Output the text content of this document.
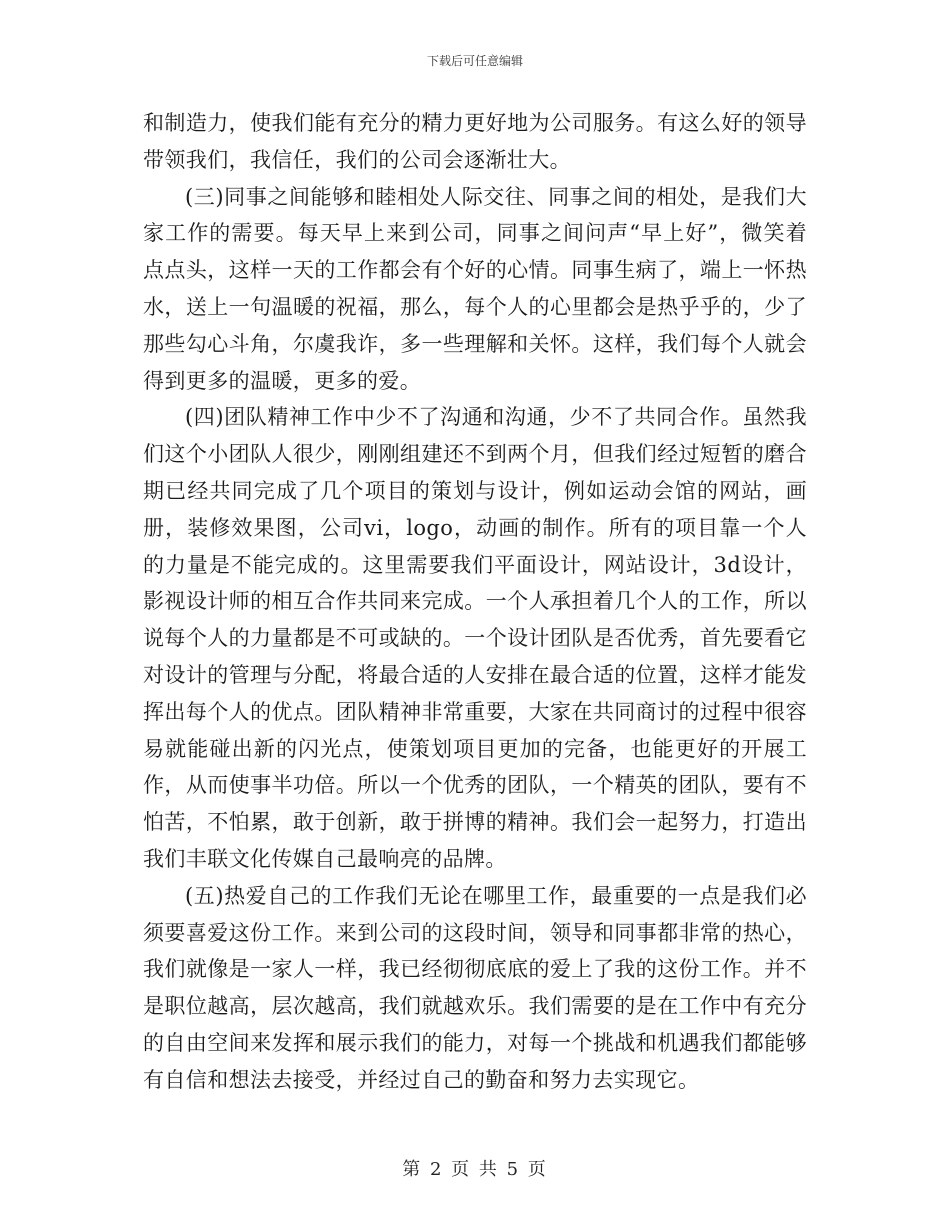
下载后可任意编辑

和制造力，使我们能有充分的精力更好地为公司服务。有这么好的领导带领我们，我信任，我们的公司会逐渐壮大。

(三)同事之间能够和睦相处人际交往、同事之间的相处，是我们大家工作的需要。每天早上来到公司，同事之间问声“早上好”，微笑着点点头，这样一天的工作都会有个好的心情。同事生病了，端上一怀热水，送上一句温暖的祝福，那么，每个人的心里都会是热乎乎的，少了那些勾心斗角，尔虞我诈，多一些理解和关怀。这样，我们每个人就会得到更多的温暖，更多的爱。

(四)团队精神工作中少不了沟通和沟通，少不了共同合作。虽然我们这个小团队人很少，刚刚组建还不到两个月，但我们经过短暂的磨合期已经共同完成了几个项目的策划与设计，例如运动会馆的网站，画册，装修效果图，公司vi，logo，动画的制作。所有的项目靠一个人的力量是不能完成的。这里需要我们平面设计，网站设计，3d设计，影视设计师的相互合作共同来完成。一个人承担着几个人的工作，所以说每个人的力量都是不可或缺的。一个设计团队是否优秀，首先要看它对设计的管理与分配，将最合适的人安排在最合适的位置，这样才能发挥出每个人的优点。团队精神非常重要，大家在共同商讨的过程中很容易就能碰出新的闪光点，使策划项目更加的完备，也能更好的开展工作，从而使事半功倍。所以一个优秀的团队，一个精英的团队，要有不怕苦，不怕累，敢于创新，敢于拼博的精神。我们会一起努力，打造出我们丰联文化传媒自己最响亮的品牌。

(五)热爱自己的工作我们无论在哪里工作，最重要的一点是我们必须要喜爱这份工作。来到公司的这段时间，领导和同事都非常的热心，我们就像是一家人一样，我已经彻彻底底的爱上了我的这份工作。并不是职位越高，层次越高，我们就越欢乐。我们需要的是在工作中有充分的自由空间来发挥和展示我们的能力，对每一个挑战和机遇我们都能够有自信和想法去接受，并经过自己的勤奋和努力去实现它。

第 2 页 共 5 页
